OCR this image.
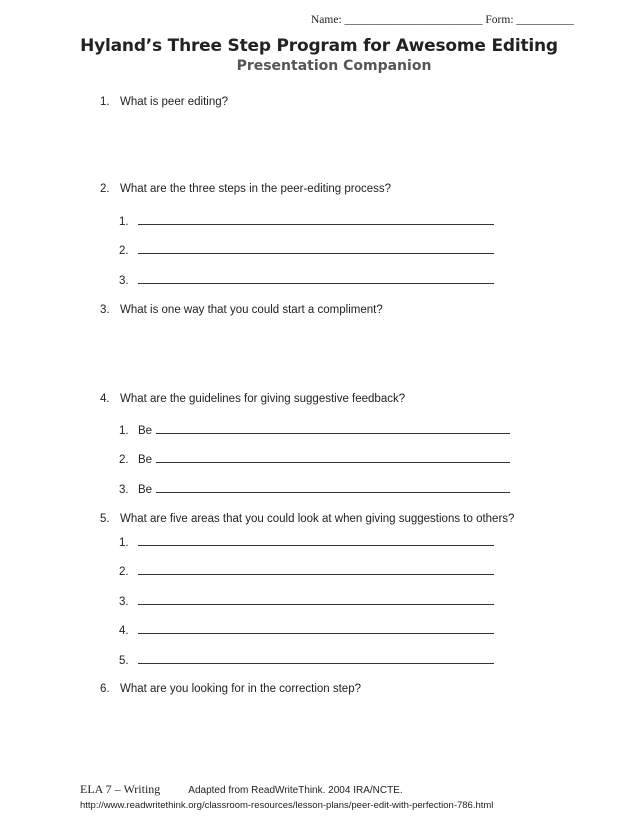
Name: ________________________ Form: __________
Hyland’s Three Step Program for Awesome Editing
Presentation Companion
1. What is peer editing?
2. What are the three steps in the peer-editing process?
1.
2.
3.
3. What is one way that you could start a compliment?
4. What are the guidelines for giving suggestive feedback?
1. Be
2. Be
3. Be
5. What are five areas that you could look at when giving suggestions to others?
1.
2.
3.
4.
5.
6. What are you looking for in the correction step?
ELA 7 – Writing	Adapted from ReadWriteThink. 2004 IRA/NCTE.
http://www.readwritethink.org/classroom-resources/lesson-plans/peer-edit-with-perfection-786.html
